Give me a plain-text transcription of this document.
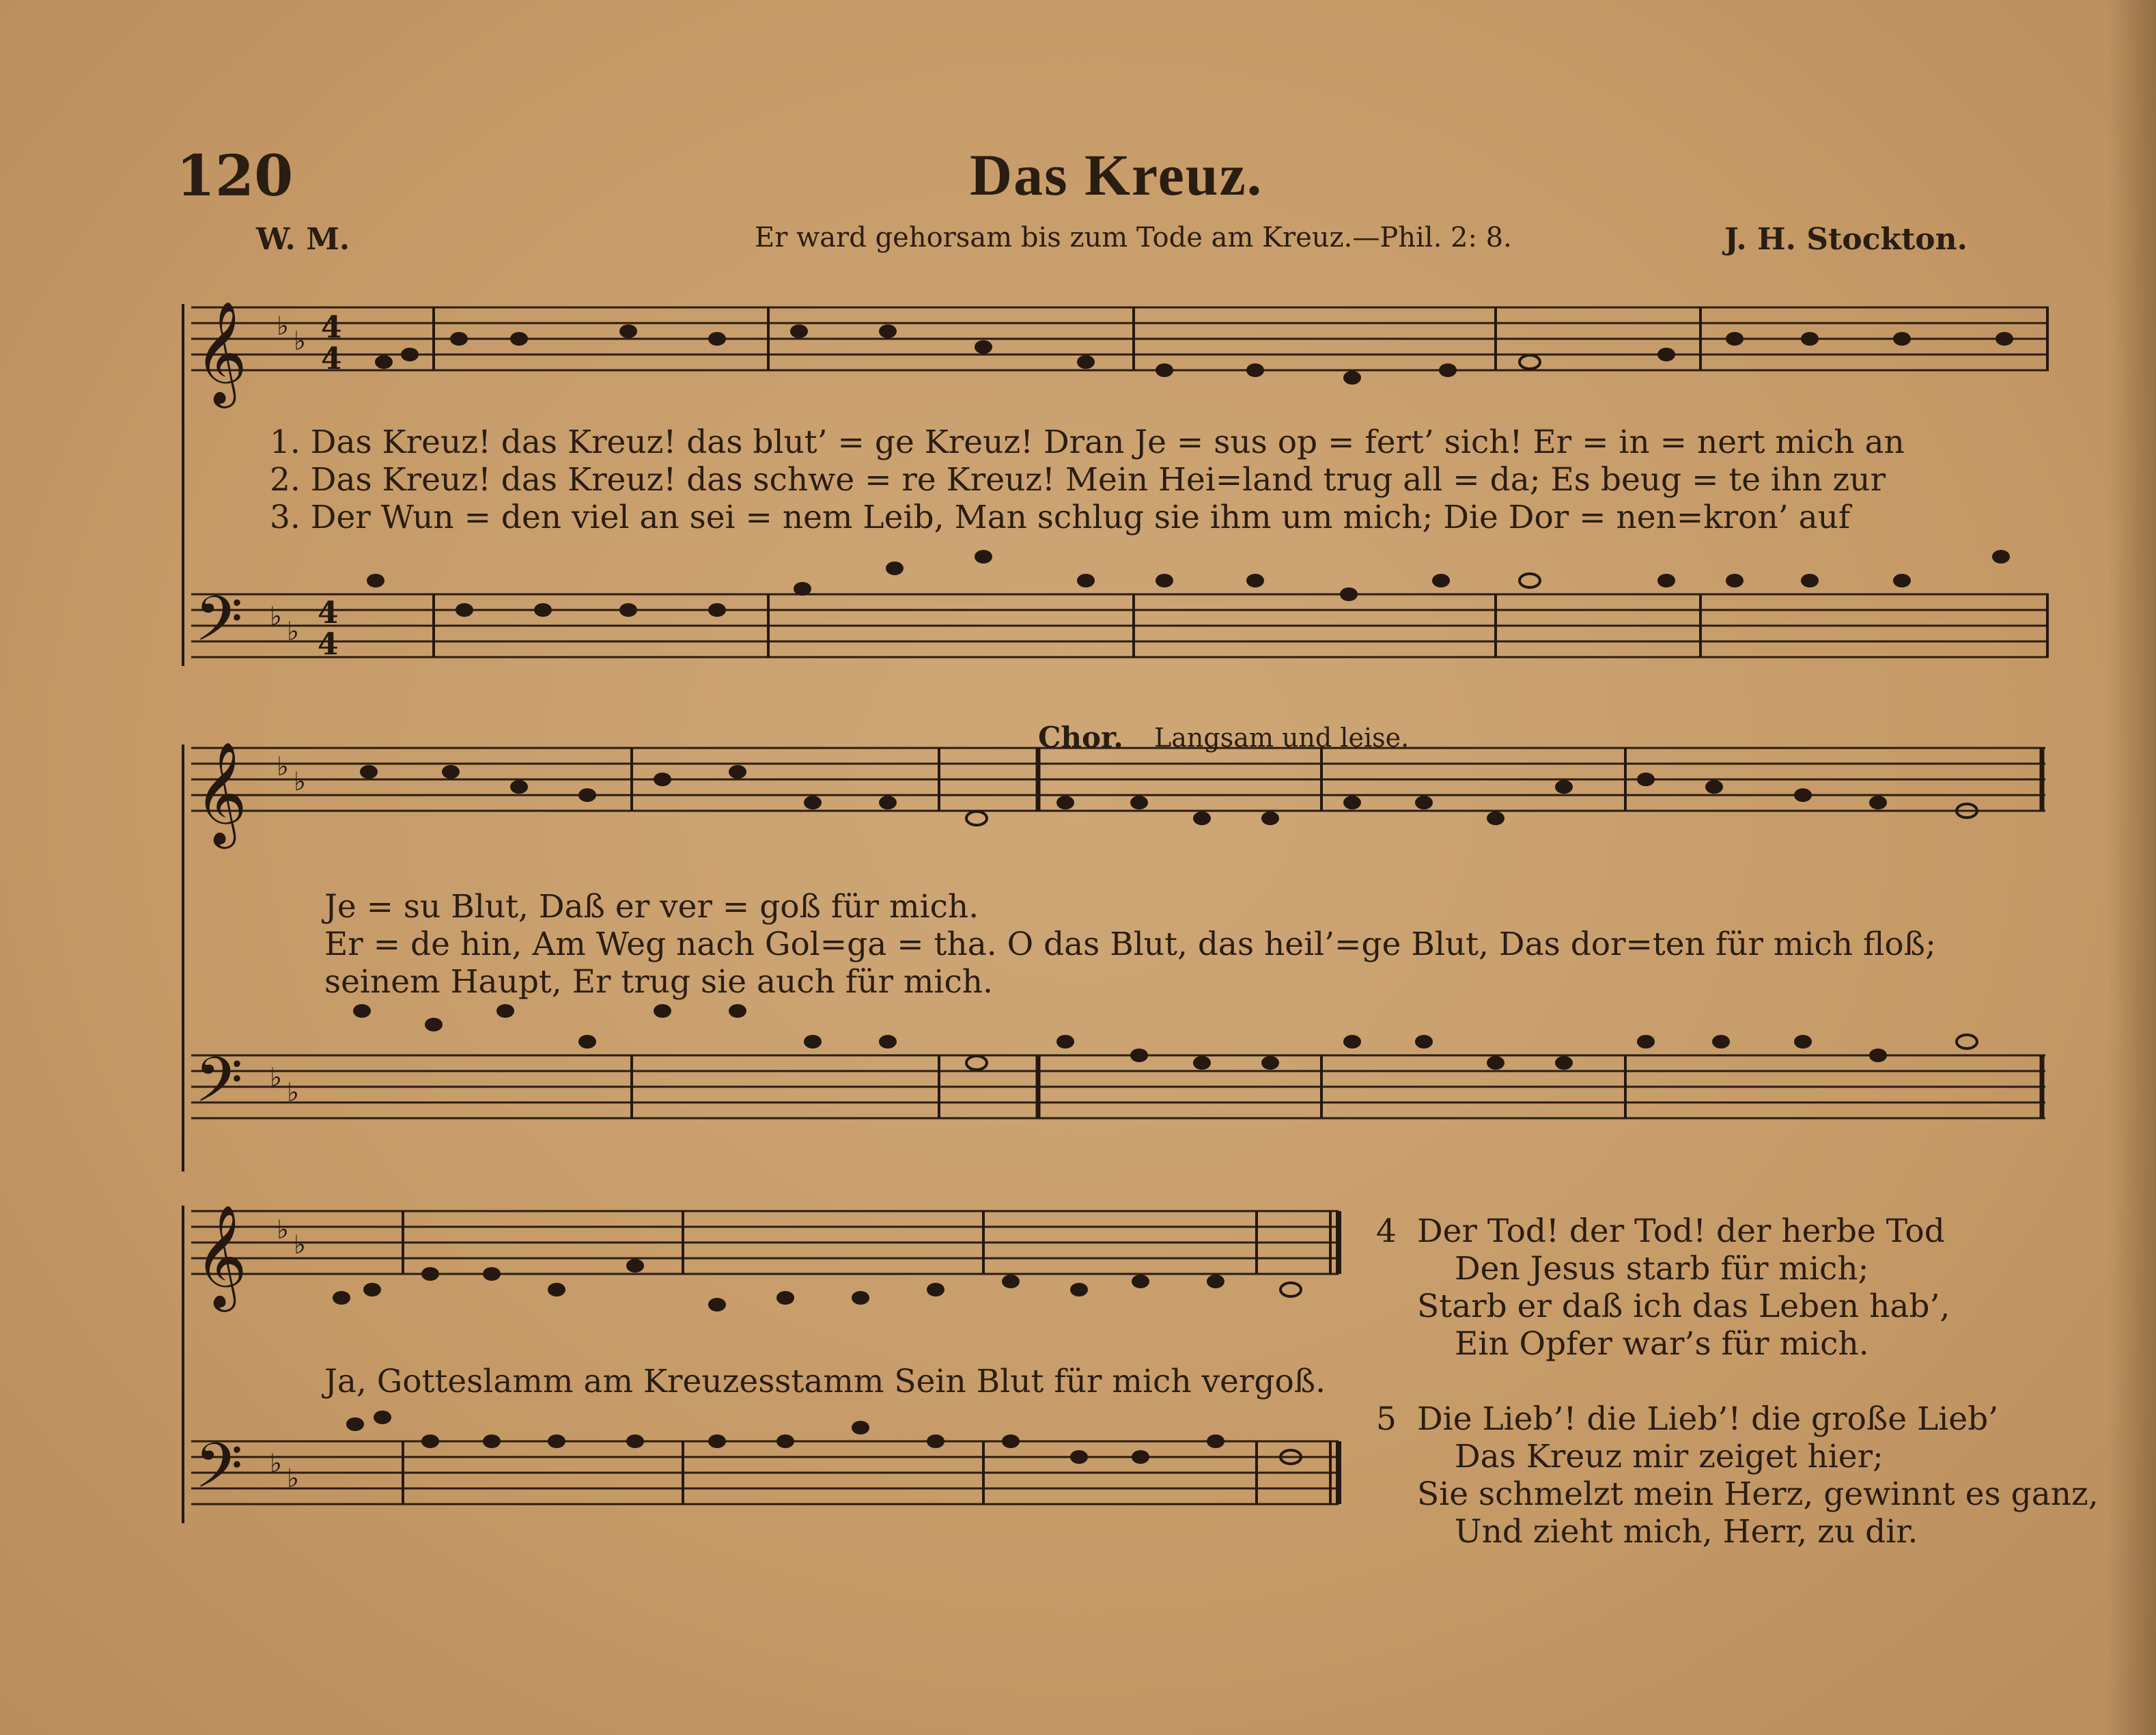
120	Das Kreuz.
W. M.	Er ward gehorsam bis zum Tode am Kreuz.—Phil. 2: 8.	J. H. Stockton.
𝄞 ♭ ♭ 4
4
𝄢 ♭ ♭
4
4
𝄞 ♭ ♭
𝄢 ♭ ♭
𝄞 ♭ ♭
𝄢 ♭ ♭
1. Das Kreuz! das Kreuz! das blut’ = ge Kreuz! Dran Je = sus op = fert’ sich! Er = in = nert mich an
2. Das Kreuz! das Kreuz! das schwe = re Kreuz! Mein Hei=land trug all = da; Es beug = te ihn zur
3. Der Wun = den viel an sei = nem Leib, Man schlug sie ihm um mich; Die Dor = nen=kron’ auf
Chor. Langsam und leise.
Je = su Blut, Daß er ver = goß für mich.
Er = de hin, Am Weg nach Gol=ga = tha. O das Blut, das heil’=ge Blut, Das dor=ten für mich floß;
seinem Haupt, Er trug sie auch für mich.
Ja, Gotteslamm am Kreuzesstamm Sein Blut für mich vergoß.
4 Der Tod! der Tod! der herbe Tod
Den Jesus starb für mich;
Starb er daß ich das Leben hab’,
Ein Opfer war’s für mich.
5 Die Lieb’! die Lieb’! die große Lieb’
Das Kreuz mir zeiget hier;
Sie schmelzt mein Herz, gewinnt es ganz,
Und zieht mich, Herr, zu dir.
